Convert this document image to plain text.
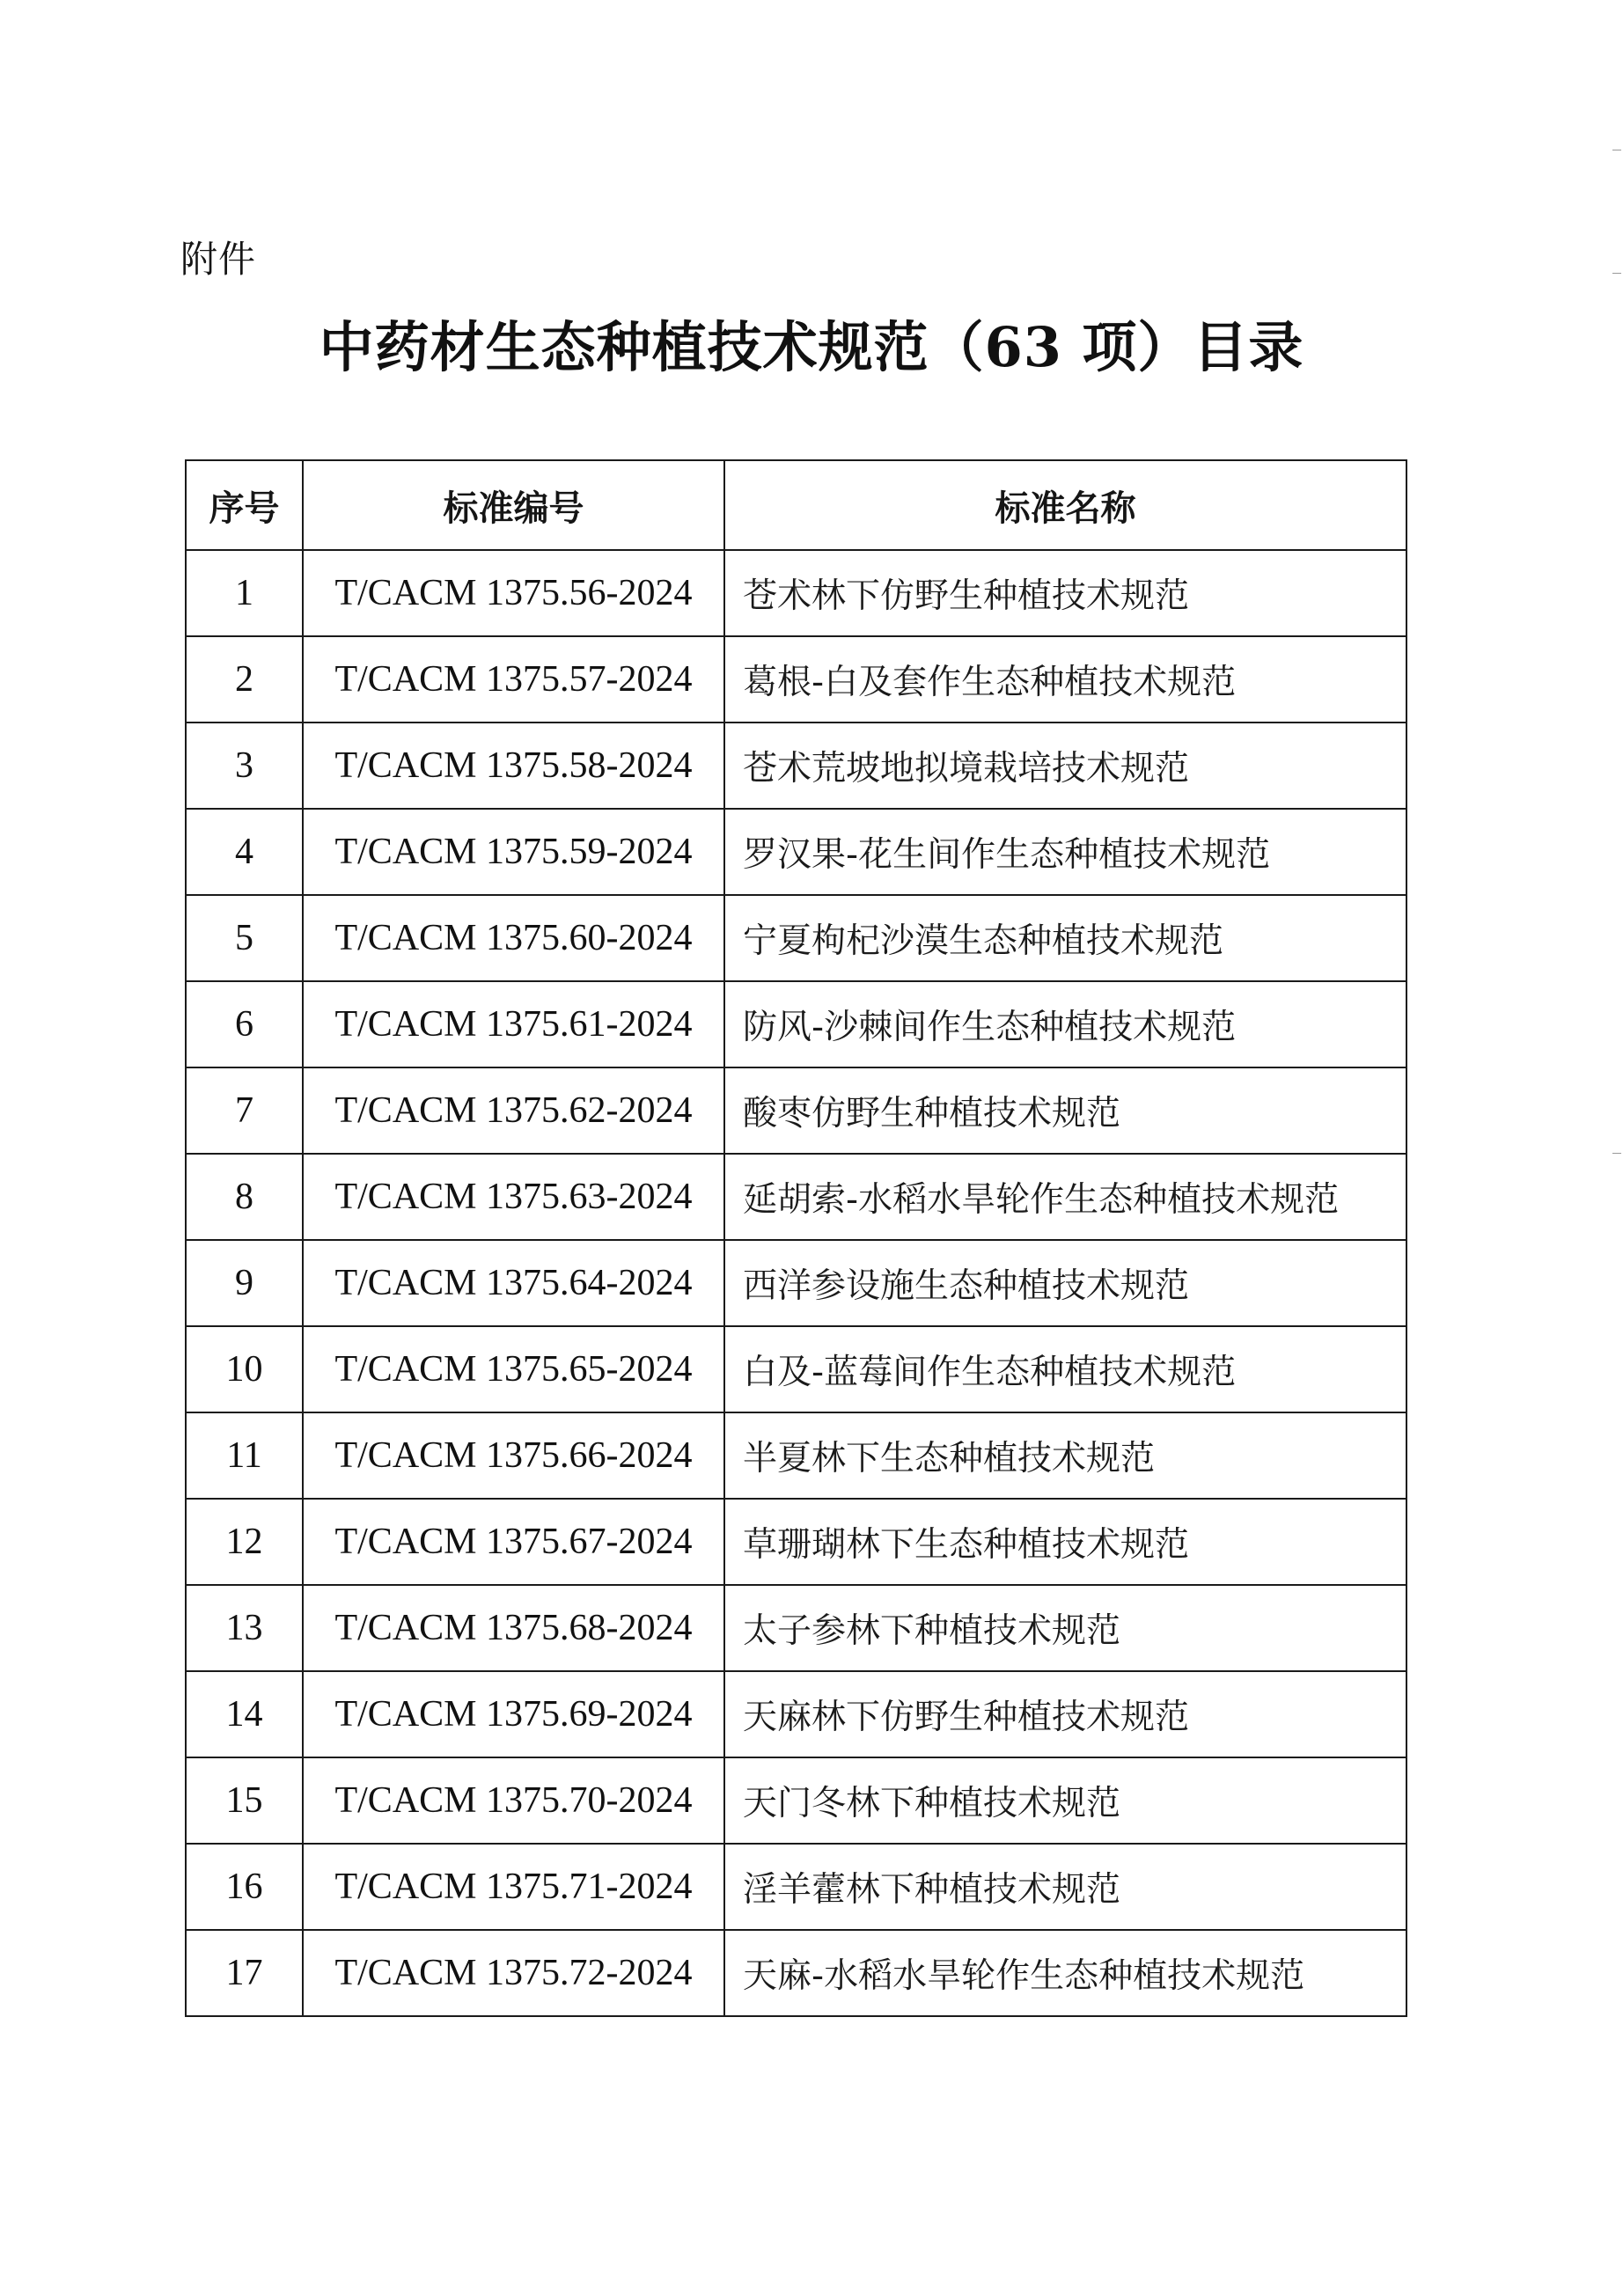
附件
中药材生态种植技术规范（63 项）目录
序号	标准编号	标准名称
1	T/CACM 1375.56-2024	苍术林下仿野生种植技术规范
2	T/CACM 1375.57-2024	葛根-白及套作生态种植技术规范
3	T/CACM 1375.58-2024	苍术荒坡地拟境栽培技术规范
4	T/CACM 1375.59-2024	罗汉果-花生间作生态种植技术规范
5	T/CACM 1375.60-2024	宁夏枸杞沙漠生态种植技术规范
6	T/CACM 1375.61-2024	防风-沙棘间作生态种植技术规范
7	T/CACM 1375.62-2024	酸枣仿野生种植技术规范
8	T/CACM 1375.63-2024	延胡索-水稻水旱轮作生态种植技术规范
9	T/CACM 1375.64-2024	西洋参设施生态种植技术规范
10	T/CACM 1375.65-2024	白及-蓝莓间作生态种植技术规范
11	T/CACM 1375.66-2024	半夏林下生态种植技术规范
12	T/CACM 1375.67-2024	草珊瑚林下生态种植技术规范
13	T/CACM 1375.68-2024	太子参林下种植技术规范
14	T/CACM 1375.69-2024	天麻林下仿野生种植技术规范
15	T/CACM 1375.70-2024	天门冬林下种植技术规范
16	T/CACM 1375.71-2024	淫羊藿林下种植技术规范
17	T/CACM 1375.72-2024	天麻-水稻水旱轮作生态种植技术规范
